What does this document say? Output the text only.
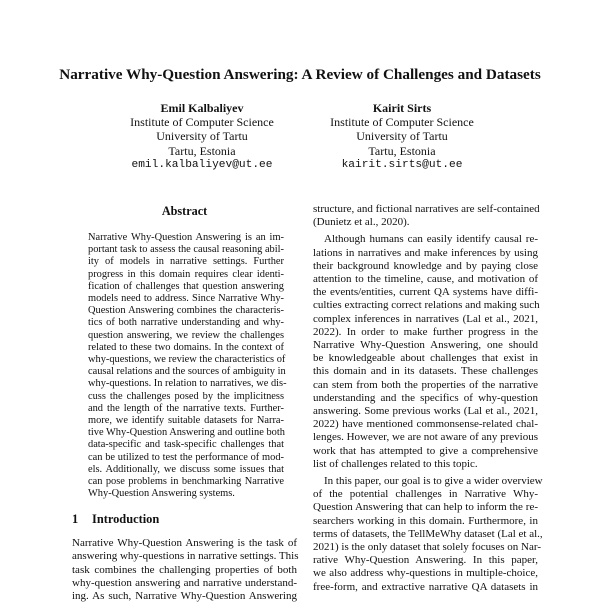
Narrative Why-Question Answering: A Review of Challenges and Datasets
Emil Kalbaliyev
Institute of Computer Science
University of Tartu
Tartu, Estonia
emil.kalbaliyev@ut.ee
Kairit Sirts
Institute of Computer Science
University of Tartu
Tartu, Estonia
kairit.sirts@ut.ee
Abstract
Narrative Why-Question Answering is an im-
portant task to assess the causal reasoning abil-
ity of models in narrative settings. Further
progress in this domain requires clear identi-
fication of challenges that question answering
models need to address. Since Narrative Why-
Question Answering combines the characteris-
tics of both narrative understanding and why-
question answering, we review the challenges
related to these two domains. In the context of
why-questions, we review the characteristics of
causal relations and the sources of ambiguity in
why-questions. In relation to narratives, we dis-
cuss the challenges posed by the implicitness
and the length of the narrative texts. Further-
more, we identify suitable datasets for Narra-
tive Why-Question Answering and outline both
data-specific and task-specific challenges that
can be utilized to test the performance of mod-
els. Additionally, we discuss some issues that
can pose problems in benchmarking Narrative
Why-Question Answering systems.
1 Introduction
Narrative Why-Question Answering is the task of
answering why-questions in narrative settings. This
task combines the challenging properties of both
why-question answering and narrative understand-
ing. As such, Narrative Why-Question Answering
structure, and fictional narratives are self-contained
(Dunietz et al., 2020).
Although humans can easily identify causal re-
lations in narratives and make inferences by using
their background knowledge and by paying close
attention to the timeline, cause, and motivation of
the events/entities, current QA systems have diffi-
culties extracting correct relations and making such
complex inferences in narratives (Lal et al., 2021,
2022). In order to make further progress in the
Narrative Why-Question Answering, one should
be knowledgeable about challenges that exist in
this domain and in its datasets. These challenges
can stem from both the properties of the narrative
understanding and the specifics of why-question
answering. Some previous works (Lal et al., 2021,
2022) have mentioned commonsense-related chal-
lenges. However, we are not aware of any previous
work that has attempted to give a comprehensive
list of challenges related to this topic.
In this paper, our goal is to give a wider overview
of the potential challenges in Narrative Why-
Question Answering that can help to inform the re-
searchers working in this domain. Furthermore, in
terms of datasets, the TellMeWhy dataset (Lal et al.,
2021) is the only dataset that solely focuses on Nar-
rative Why-Question Answering. In this paper,
we also address why-questions in multiple-choice,
free-form, and extractive narrative QA datasets in
